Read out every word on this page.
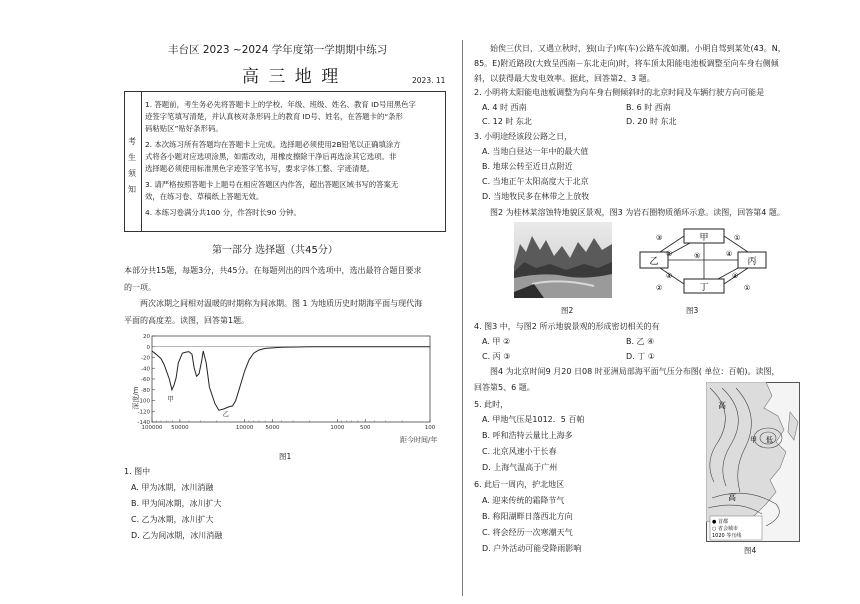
丰台区 2023 ~2024 学年度第一学期期中练习
高 三 地 理	2023. 11
考
生
须
知
1. 答题前，考生务必先将答题卡上的学校、年级、班级、姓名、教育 ID号用黑色字
迹签字笔填写清楚，并认真核对条形码上的教育 ID号、姓名，在答题卡的“条形
码粘贴区”贴好条形码。
2. 本次练习所有答题均在答题卡上完成。选择题必须使用2B铅笔以正确填涂方
式将各小题对应选项涂黑，如需改动，用橡皮擦除干净后再选涂其它选项。非
选择题必须使用标准黑色字迹签字笔书写，要求字体工整、字迹清楚。
3. 请严格按照答题卡上题号在相应答题区内作答，超出答题区域书写的答案无
效，在练习卷、草稿纸上答题无效。
4. 本练习卷满分共100 分，作答时长90 分钟。
第一部分 选择题（共45分）
本部分共15题，每题3分，共45分。在每题列出的四个选项中，选出最符合题目要求
的一项。
两次冰期之间相对温暖的时期称为间冰期。图 1 为地质历史时期海平面与现代海
平面的高度差。读图，回答第1题。
20
0
-20
-40
-60
-80
-100
-120
-140
100000 50000	10000 5000	1000	500	100
深度/m
距今时间/年
甲
乙
图1
1. 图中
A. 甲为冰期，冰川消融
B. 甲为间冰期，冰川扩大
C. 乙为冰期，冰川扩大
D. 乙为间冰期，冰川消融
始俟三伏日，又遇立秋时，独(山子)库(车)公路车流如潮。小明自驾到某处(43。N，
85。E)附近路段(大致呈西南－东北走向)时，将车顶太阳能电池板调整至向车身右侧倾
斜，以获得最大发电效率。据此，回答第2、3 题。
2. 小明将太阳能电池板调整为向车身右侧倾斜时的北京时间及车辆行驶方向可能是
A. 4 时 西南	B. 6 时 西南
C. 12 时 东北	D. 20 时 东北
3. 小明途经该段公路之日，
A. 当地白昼达一年中的最大值
B. 地球公转至近日点附近
C. 当地正午太阳高度大于北京
D. 当地牧民多在林带之上放牧
图2 为桂林某溶蚀特地貌区景观，图3 为岩石圈物质循环示意。读图，回答第4 题。
图2
甲
乙	丙
丁
③	①
④	④
⑤
④	④
②	①
图3
4. 图3 中，与图2 所示地貌景观的形成密切相关的有
A. 甲 ②	B. 乙 ④
C. 丙 ③	D. 丁 ①
图4 为北京时间9 月20 日08 时亚洲局部海平面气压分布图( 单位：百帕)。读图，
回答第5、6 题。
5. 此时，
A. 甲地气压是1012．5 百帕
B. 呼和浩特云量比上海多
C. 北京风速小于长春
D. 上海气温高于广州
6. 此后一周内，护北地区
A. 迎来传统的霜降节气
B. 称阳湖畔日落西北方向
C. 将会经历一次寒潮天气
D. 户外活动可能受降雨影响
高
高
甲 低
● 首都
○ 省会城市
1020 等压线
图4
